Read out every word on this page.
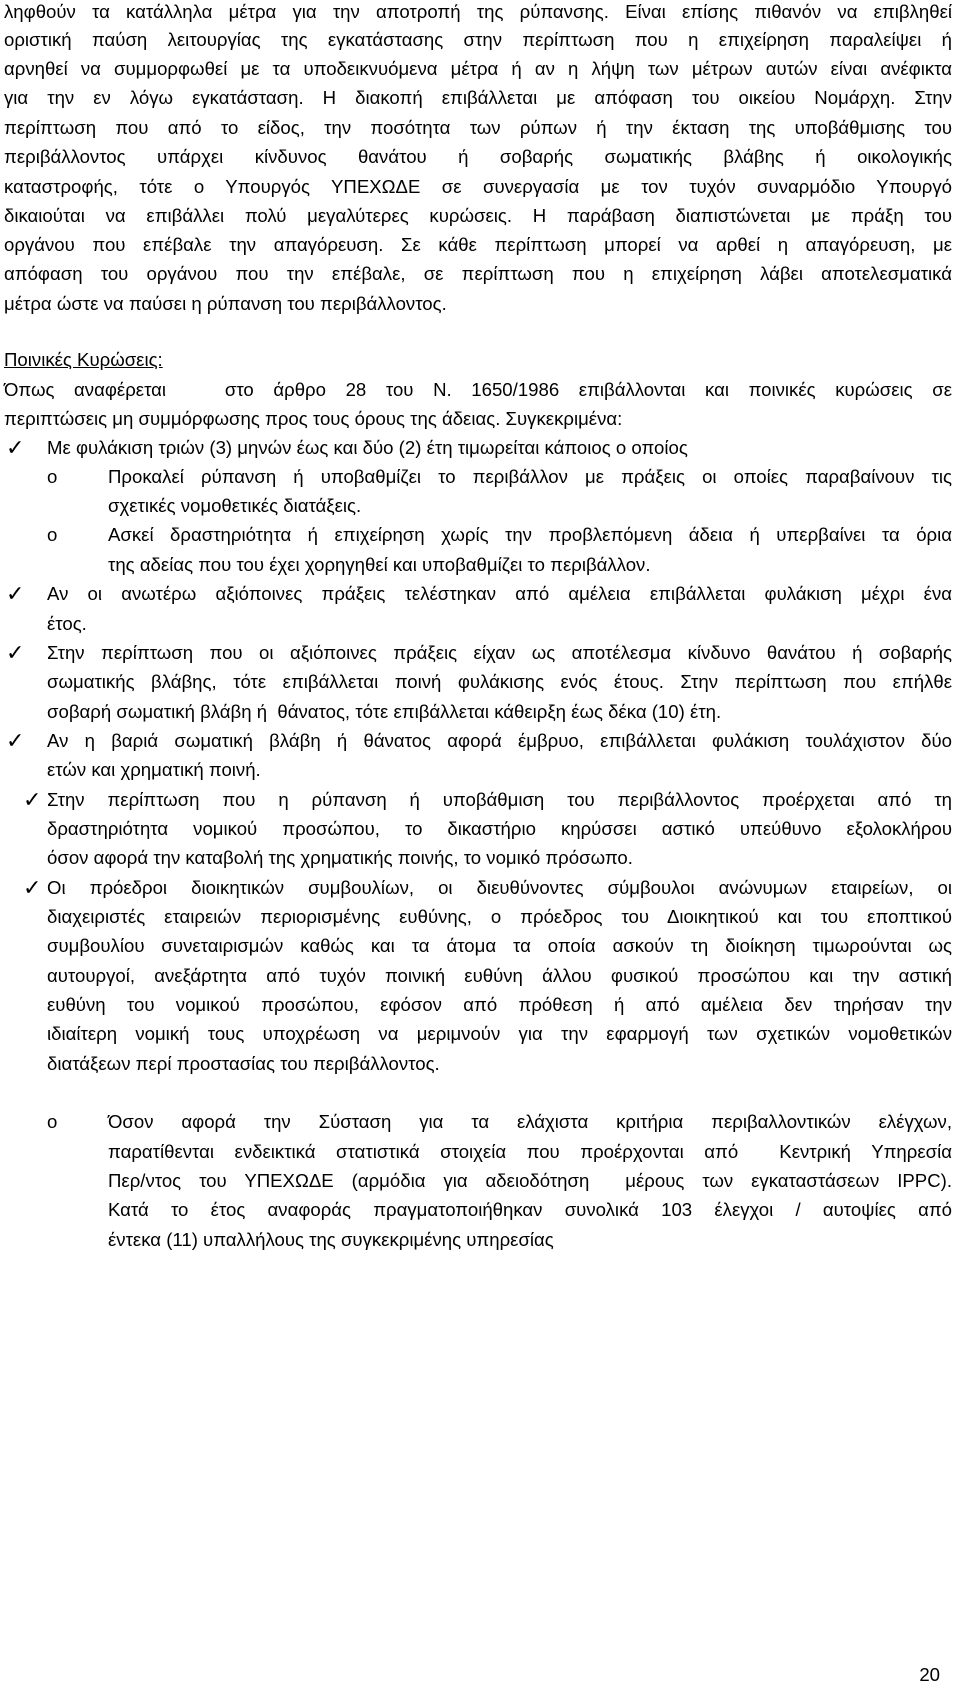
ληφθούν τα κατάλληλα μέτρα για την αποτροπή της ρύπανσης. Είναι επίσης πιθανόν να επιβληθεί
οριστική παύση λειτουργίας της εγκατάστασης στην περίπτωση που η επιχείρηση παραλείψει ή
αρνηθεί να συμμορφωθεί με τα υποδεικνυόμενα μέτρα ή αν η λήψη των μέτρων αυτών είναι ανέφικτα
για την εν λόγω εγκατάσταση. Η διακοπή επιβάλλεται με απόφαση του οικείου Νομάρχη. Στην
περίπτωση που από το είδος, την ποσότητα των ρύπων ή την έκταση της υποβάθμισης του
περιβάλλοντος υπάρχει κίνδυνος θανάτου ή σοβαρής σωματικής βλάβης ή οικολογικής
καταστροφής, τότε ο Υπουργός ΥΠΕΧΩΔΕ σε συνεργασία με τον τυχόν συναρμόδιο Υπουργό
δικαιούται να επιβάλλει πολύ μεγαλύτερες κυρώσεις. Η παράβαση διαπιστώνεται με πράξη του
οργάνου που επέβαλε την απαγόρευση. Σε κάθε περίπτωση μπορεί να αρθεί η απαγόρευση, με
απόφαση του οργάνου που την επέβαλε, σε περίπτωση που η επιχείρηση λάβει αποτελεσματικά
μέτρα ώστε να παύσει η ρύπανση του περιβάλλοντος.
Ποινικές Κυρώσεις:
Όπως αναφέρεται   στο άρθρο 28 του Ν. 1650/1986 επιβάλλονται και ποινικές κυρώσεις σε
περιπτώσεις μη συμμόρφωσης προς τους όρους της άδειας. Συγκεκριμένα:
✓ Με φυλάκιση τριών (3) μηνών έως και δύο (2) έτη τιμωρείται κάποιος ο οποίος
o	Προκαλεί ρύπανση ή υποβαθμίζει το περιβάλλον με πράξεις οι οποίες παραβαίνουν τις
σχετικές νομοθετικές διατάξεις.
o	Ασκεί δραστηριότητα ή επιχείρηση χωρίς την προβλεπόμενη άδεια ή υπερβαίνει τα όρια
της αδείας που του έχει χορηγηθεί και υποβαθμίζει το περιβάλλον.
✓ Αν οι ανωτέρω αξιόποινες πράξεις τελέστηκαν από αμέλεια επιβάλλεται φυλάκιση μέχρι ένα
έτος.
✓ Στην περίπτωση που οι αξιόποινες πράξεις είχαν ως αποτέλεσμα κίνδυνο θανάτου ή σοβαρής
σωματικής βλάβης, τότε επιβάλλεται ποινή φυλάκισης ενός έτους. Στην περίπτωση που επήλθε
σοβαρή σωματική βλάβη ή  θάνατος, τότε επιβάλλεται κάθειρξη έως δέκα (10) έτη.
✓ Αν η βαριά σωματική βλάβη ή θάνατος αφορά έμβρυο, επιβάλλεται φυλάκιση τουλάχιστον δύο
ετών και χρηματική ποινή.
✓ Στην περίπτωση που η ρύπανση ή υποβάθμιση του περιβάλλοντος προέρχεται από τη
δραστηριότητα νομικού προσώπου, το δικαστήριο κηρύσσει αστικό υπεύθυνο εξολοκλήρου
όσον αφορά την καταβολή της χρηματικής ποινής, το νομικό πρόσωπο.
✓ Οι πρόεδροι διοικητικών συμβουλίων, οι διευθύνοντες σύμβουλοι ανώνυμων εταιρείων, οι
διαχειριστές εταιρειών περιορισμένης ευθύνης, ο πρόεδρος του Διοικητικού και του εποπτικού
συμβουλίου συνεταιρισμών καθώς και τα άτομα τα οποία ασκούν τη διοίκηση τιμωρούνται ως
αυτουργοί, ανεξάρτητα από τυχόν ποινική ευθύνη άλλου φυσικού προσώπου και την αστική
ευθύνη του νομικού προσώπου, εφόσον από πρόθεση ή από αμέλεια δεν τηρήσαν την
ιδιαίτερη νομική τους υποχρέωση να μεριμνούν για την εφαρμογή των σχετικών νομοθετικών
διατάξεων περί προστασίας του περιβάλλοντος.
o	Όσον αφορά την Σύσταση για τα ελάχιστα κριτήρια περιβαλλοντικών ελέγχων,
παρατίθενται ενδεικτικά στατιστικά στοιχεία που προέρχονται από  Κεντρική Υπηρεσία
Περ/ντος του ΥΠΕΧΩΔΕ (αρμόδια για αδειοδότηση  μέρους των εγκαταστάσεων IPPC).
Κατά το έτος αναφοράς πραγματοποιήθηκαν συνολικά 103 έλεγχοι / αυτοψίες από
έντεκα (11) υπαλλήλους της συγκεκριμένης υπηρεσίας
20
